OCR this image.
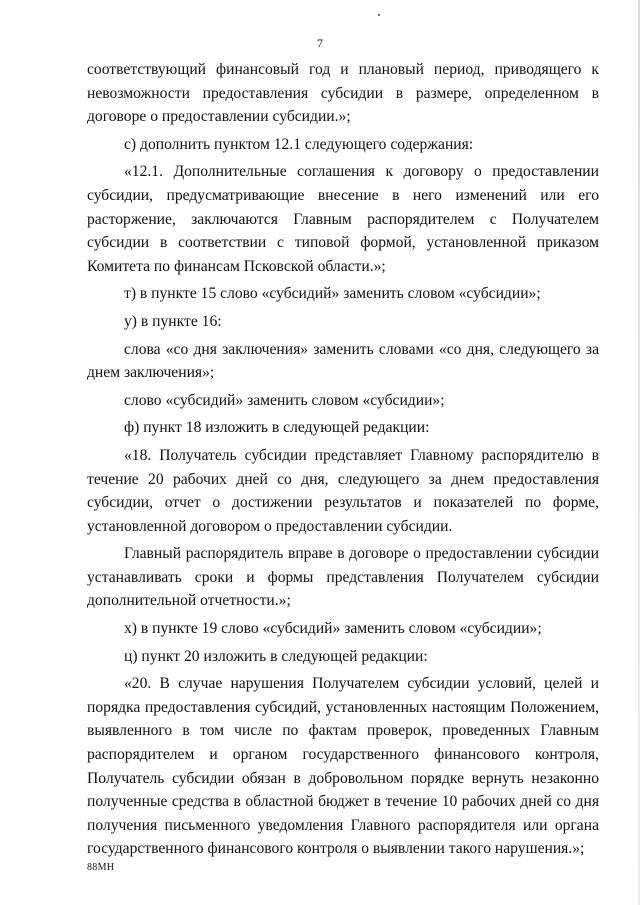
7

соответствующий финансовый год и плановый период, приводящего к невозможности предоставления субсидии в размере, определенном в договоре о предоставлении субсидии.»;

с) дополнить пунктом 12.1 следующего содержания:

«12.1. Дополнительные соглашения к договору о предоставлении субсидии, предусматривающие внесение в него изменений или его расторжение, заключаются Главным распорядителем с Получателем субсидии в соответствии с типовой формой, установленной приказом Комитета по финансам Псковской области.»;

т) в пункте 15 слово «субсидий» заменить словом «субсидии»;

у) в пункте 16:

слова «со дня заключения» заменить словами «со дня, следующего за днем заключения»;

слово «субсидий» заменить словом «субсидии»;

ф) пункт 18 изложить в следующей редакции:

«18. Получатель субсидии представляет Главному распорядителю в течение 20 рабочих дней со дня, следующего за днем предоставления субсидии, отчет о достижении результатов и показателей по форме, установленной договором о предоставлении субсидии.

Главный распорядитель вправе в договоре о предоставлении субсидии устанавливать сроки и формы представления Получателем субсидии дополнительной отчетности.»;

х) в пункте 19 слово «субсидий» заменить словом «субсидии»;

ц) пункт 20 изложить в следующей редакции:

«20. В случае нарушения Получателем субсидии условий, целей и порядка предоставления субсидий, установленных настоящим Положением, выявленного в том числе по фактам проверок, проведенных Главным распорядителем и органом государственного финансового контроля, Получатель субсидии обязан в добровольном порядке вернуть незаконно полученные средства в областной бюджет в течение 10 рабочих дней со дня получения письменного уведомления Главного распорядителя или органа государственного финансового контроля о выявлении такого нарушения.»;

88МН
